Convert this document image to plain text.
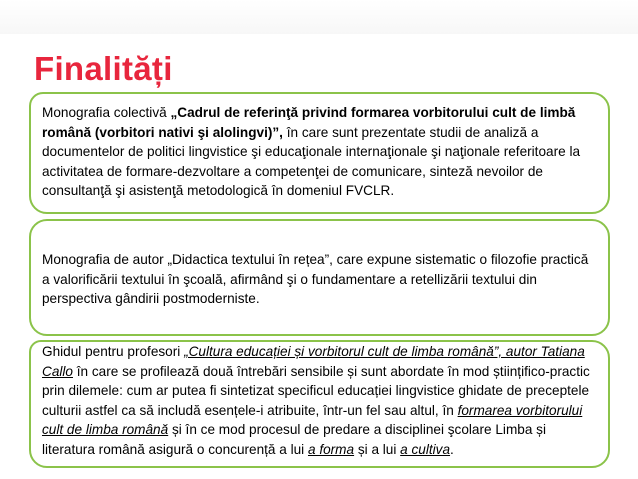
Finalități
Monografia colectivă „Cadrul de referinţă privind formarea vorbitorului cult de limbă română (vorbitori nativi şi alolingvi)”, în care sunt prezentate studii de analiză a documentelor de politici lingvistice şi educaţionale internaţionale şi naţionale referitoare la activitatea de formare-dezvoltare a competenţei de comunicare, sinteză nevoilor de consultanţă şi asistenţă metodologică în domeniul FVCLR.
Monografia de autor „Didactica textului în rețea”, care expune sistematic o filozofie practică a valorificării textului în şcoală, afirmând şi o fundamentare a retellizării textului din perspectiva gândirii postmoderniste.
Ghidul pentru profesori „Cultura educației și vorbitorul cult de limba română”, autor Tatiana Callo în care se profilează două întrebări sensibile și sunt abordate în mod științifico-practic prin dilemele: cum ar putea fi sintetizat specificul educației lingvistice ghidate de preceptele culturii astfel ca să includă esențele-i atribuite, într-un fel sau altul, în formarea vorbitorului cult de limba română și în ce mod procesul de predare a disciplinei şcolare Limba și literatura română asigură o concurență a lui a forma și a lui a cultiva.
